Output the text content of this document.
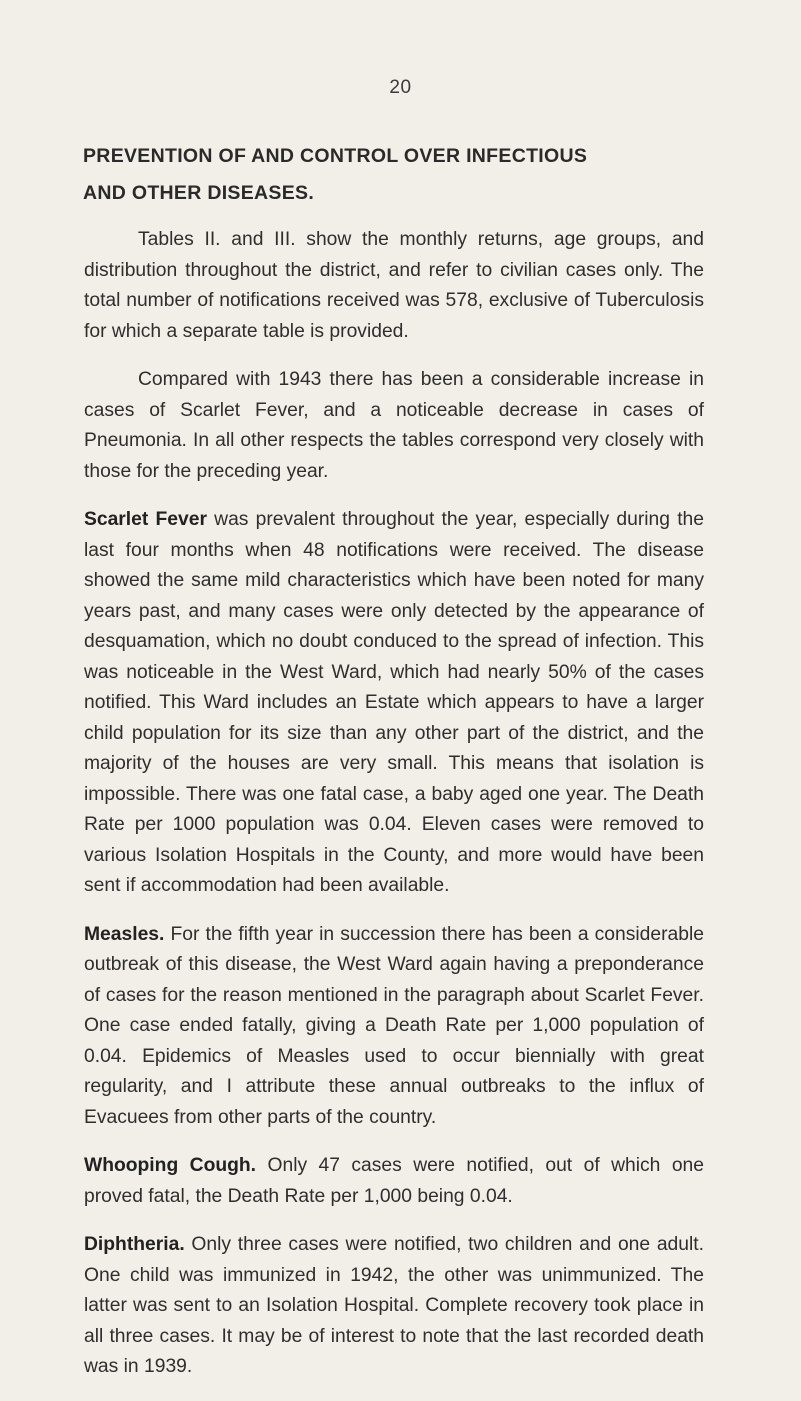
20
PREVENTION OF AND CONTROL OVER INFECTIOUS
AND OTHER DISEASES.

Tables II. and III. show the monthly returns, age groups, and distribution throughout the district, and refer to civilian cases only. The total number of notifications received was 578, exclusive of Tuberculosis for which a separate table is provided.

Compared with 1943 there has been a considerable increase in cases of Scarlet Fever, and a noticeable decrease in cases of Pneumonia. In all other respects the tables correspond very closely with those for the preceding year.

Scarlet Fever was prevalent throughout the year, especially during the last four months when 48 notifications were received. The disease showed the same mild characteristics which have been noted for many years past, and many cases were only detected by the appearance of desquamation, which no doubt conduced to the spread of infection. This was noticeable in the West Ward, which had nearly 50% of the cases notified. This Ward includes an Estate which appears to have a larger child population for its size than any other part of the district, and the majority of the houses are very small. This means that isolation is impossible. There was one fatal case, a baby aged one year. The Death Rate per 1000 population was 0.04. Eleven cases were removed to various Isolation Hospitals in the County, and more would have been sent if accommodation had been available.

Measles. For the fifth year in succession there has been a considerable outbreak of this disease, the West Ward again having a preponderance of cases for the reason mentioned in the paragraph about Scarlet Fever. One case ended fatally, giving a Death Rate per 1,000 population of 0.04. Epidemics of Measles used to occur biennially with great regularity, and I attribute these annual outbreaks to the influx of Evacuees from other parts of the country.

Whooping Cough. Only 47 cases were notified, out of which one proved fatal, the Death Rate per 1,000 being 0.04.

Diphtheria. Only three cases were notified, two children and one adult. One child was immunized in 1942, the other was unimmunized. The latter was sent to an Isolation Hospital. Complete recovery took place in all three cases. It may be of interest to note that the last recorded death was in 1939.
